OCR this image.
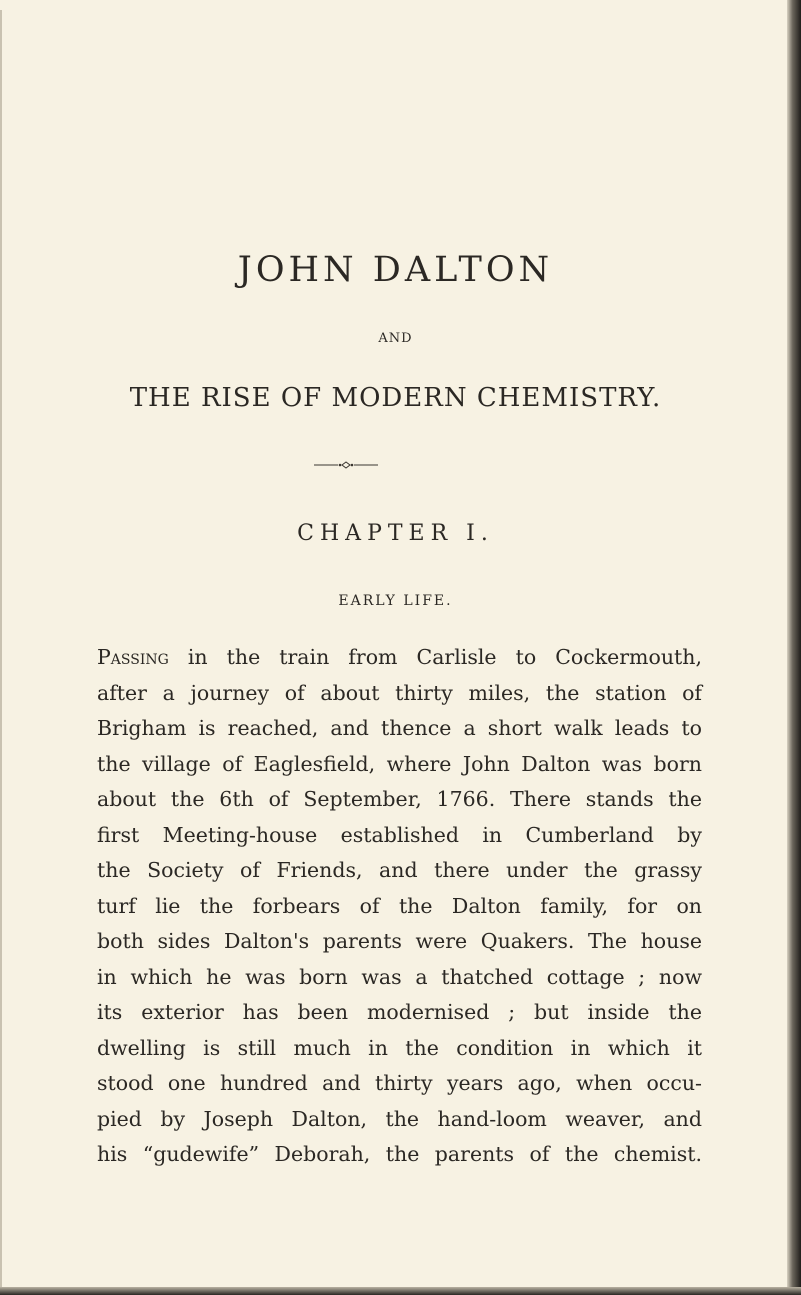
JOHN DALTON
AND
THE RISE OF MODERN CHEMISTRY.
CHAPTER I.
EARLY LIFE.
Passing in the train from Carlisle to Cockermouth,
after a journey of about thirty miles, the station of
Brigham is reached, and thence a short walk leads to
the village of Eaglesfield, where John Dalton was born
about the 6th of September, 1766. There stands the
first Meeting-house established in Cumberland by
the Society of Friends, and there under the grassy
turf lie the forbears of the Dalton family, for on
both sides Dalton's parents were Quakers. The house
in which he was born was a thatched cottage ; now
its exterior has been modernised ; but inside the
dwelling is still much in the condition in which it
stood one hundred and thirty years ago, when occu-
pied by Joseph Dalton, the hand-loom weaver, and
his “gudewife” Deborah, the parents of the chemist.
